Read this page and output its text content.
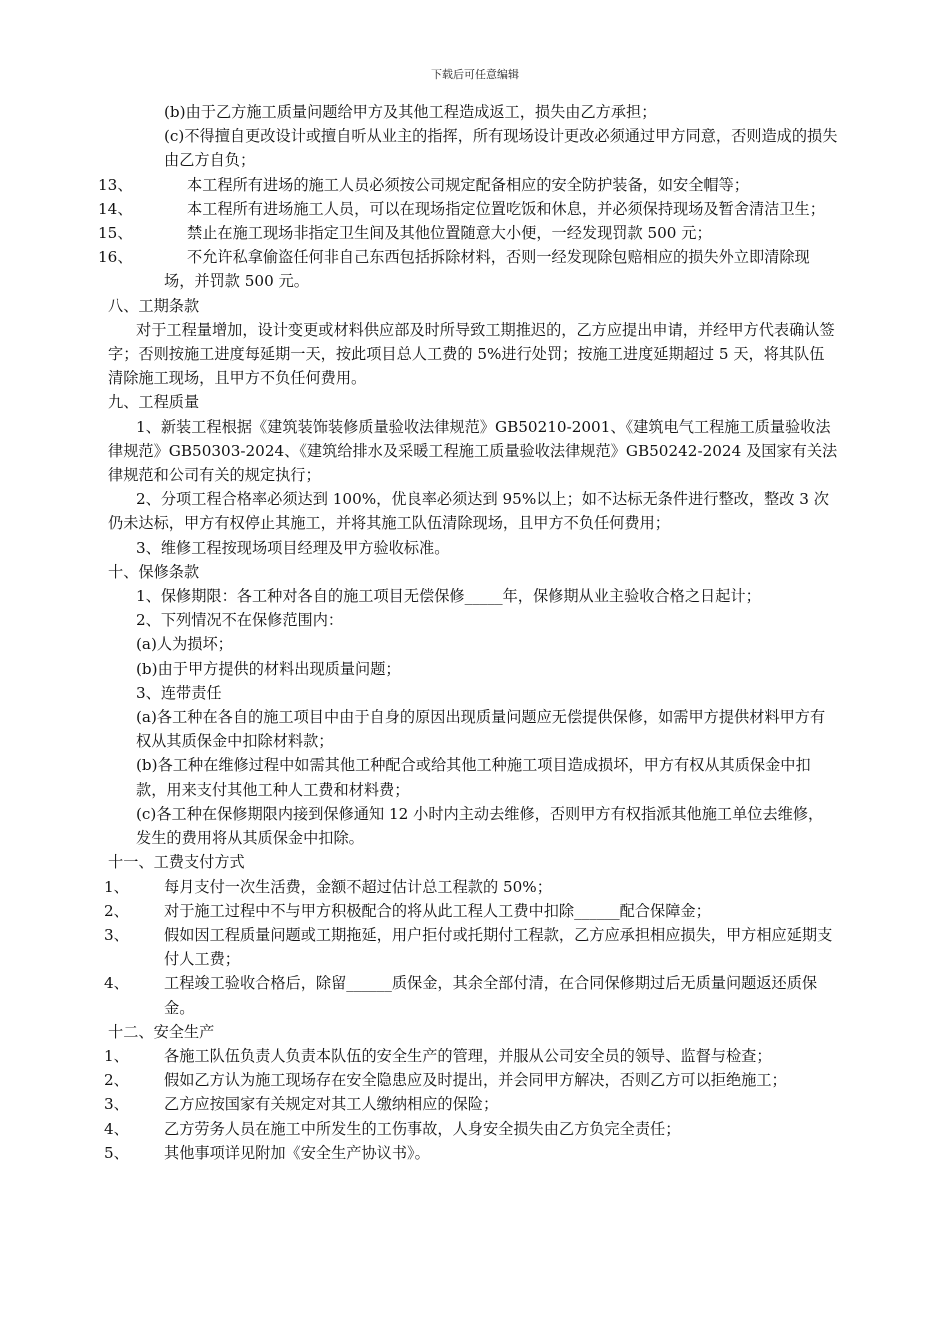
下载后可任意编辑

(b)由于乙方施工质量问题给甲方及其他工程造成返工，损失由乙方承担；

(c)不得擅自更改设计或擅自听从业主的指挥，所有现场设计更改必须通过甲方同意，否则造成的损失由乙方自负；

13、	本工程所有进场的施工人员必须按公司规定配备相应的安全防护装备，如安全帽等；

14、	本工程所有进场施工人员，可以在现场指定位置吃饭和休息，并必须保持现场及暂舍清洁卫生；

15、	禁止在施工现场非指定卫生间及其他位置随意大小便，一经发现罚款 500 元；

16、	不允许私拿偷盗任何非自己东西包括拆除材料，否则一经发现除包赔相应的损失外立即清除现场，并罚款 500 元。

八、工期条款

对于工程量增加，设计变更或材料供应部及时所导致工期推迟的，乙方应提出申请，并经甲方代表确认签字；否则按施工进度每延期一天，按此项目总人工费的 5%进行处罚；按施工进度延期超过 5 天，将其队伍清除施工现场，且甲方不负任何费用。

九、工程质量

1、新装工程根据《建筑装饰装修质量验收法律规范》GB50210-2001、《建筑电气工程施工质量验收法律规范》GB50303-2024、《建筑给排水及采暖工程施工质量验收法律规范》GB50242-2024 及国家有关法律规范和公司有关的规定执行；

2、分项工程合格率必须达到 100%，优良率必须达到 95%以上；如不达标无条件进行整改，整改 3 次仍未达标，甲方有权停止其施工，并将其施工队伍清除现场，且甲方不负任何费用；

3、维修工程按现场项目经理及甲方验收标准。

十、保修条款

1、保修期限：各工种对各自的施工项目无偿保修_____年，保修期从业主验收合格之日起计；

2、下列情况不在保修范围内：

(a)人为损坏；

(b)由于甲方提供的材料出现质量问题；

3、连带责任

(a)各工种在各自的施工项目中由于自身的原因出现质量问题应无偿提供保修，如需甲方提供材料甲方有权从其质保金中扣除材料款；

(b)各工种在维修过程中如需其他工种配合或给其他工种施工项目造成损坏，甲方有权从其质保金中扣款，用来支付其他工种人工费和材料费；

(c)各工种在保修期限内接到保修通知 12 小时内主动去维修，否则甲方有权指派其他施工单位去维修，发生的费用将从其质保金中扣除。

十一、工费支付方式

1、 每月支付一次生活费，金额不超过估计总工程款的 50%；

2、 对于施工过程中不与甲方积极配合的将从此工程人工费中扣除______配合保障金；

3、 假如因工程质量问题或工期拖延，用户拒付或托期付工程款，乙方应承担相应损失，甲方相应延期支付人工费；

4、 工程竣工验收合格后，除留______质保金，其余全部付清，在合同保修期过后无质量问题返还质保金。

十二、安全生产

1、 各施工队伍负责人负责本队伍的安全生产的管理，并服从公司安全员的领导、监督与检查；

2、 假如乙方认为施工现场存在安全隐患应及时提出，并会同甲方解决，否则乙方可以拒绝施工；

3、 乙方应按国家有关规定对其工人缴纳相应的保险；

4、 乙方劳务人员在施工中所发生的工伤事故，人身安全损失由乙方负完全责任；

5、 其他事项详见附加《安全生产协议书》。
